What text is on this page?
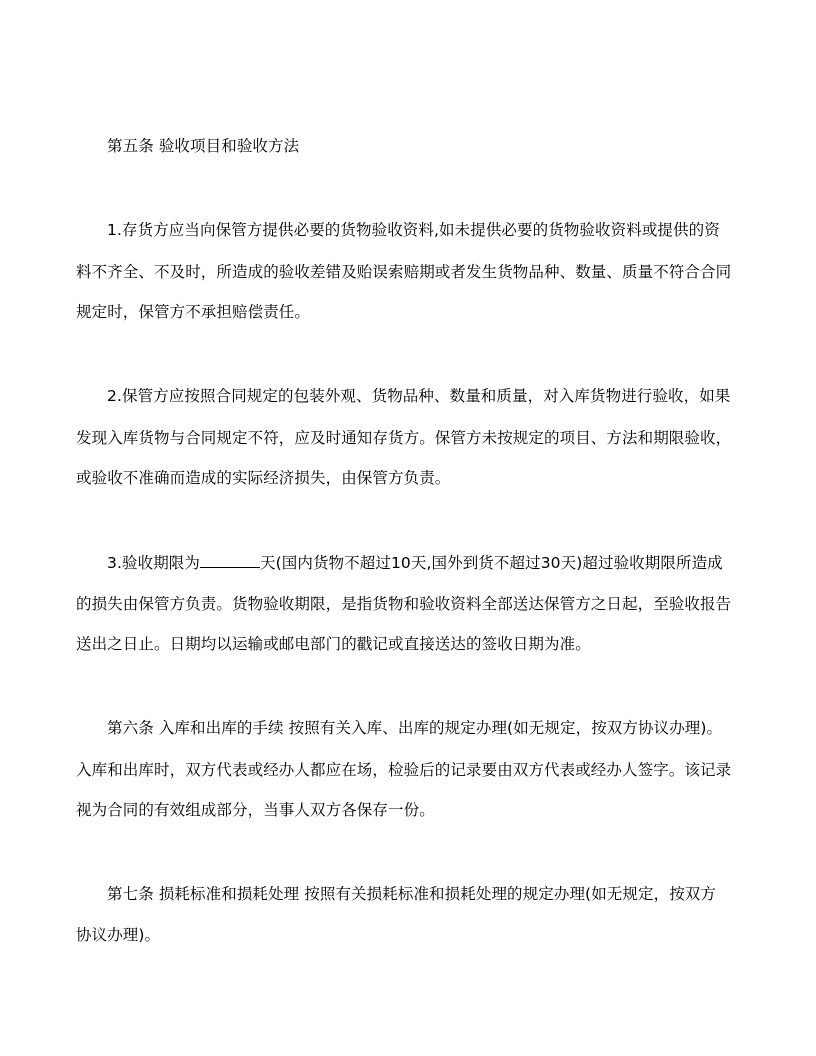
第五条 验收项目和验收方法
1.存货方应当向保管方提供必要的货物验收资料,如未提供必要的货物验收资料或提供的资
料不齐全、不及时，所造成的验收差错及贻误索赔期或者发生货物品种、数量、质量不符合合同
规定时，保管方不承担赔偿责任。
2.保管方应按照合同规定的包装外观、货物品种、数量和质量，对入库货物进行验收，如果
发现入库货物与合同规定不符，应及时通知存货方。保管方未按规定的项目、方法和期限验收，
或验收不准确而造成的实际经济损失，由保管方负责。
3.验收期限为	天(国内货物不超过10天,国外到货不超过30天)超过验收期限所造成
的损失由保管方负责。货物验收期限，是指货物和验收资料全部送达保管方之日起，至验收报告
送出之日止。日期均以运输或邮电部门的戳记或直接送达的签收日期为准。
第六条 入库和出库的手续 按照有关入库、出库的规定办理(如无规定，按双方协议办理)。
入库和出库时，双方代表或经办人都应在场，检验后的记录要由双方代表或经办人签字。该记录
视为合同的有效组成部分，当事人双方各保存一份。
第七条 损耗标准和损耗处理 按照有关损耗标准和损耗处理的规定办理(如无规定，按双方
协议办理)。
